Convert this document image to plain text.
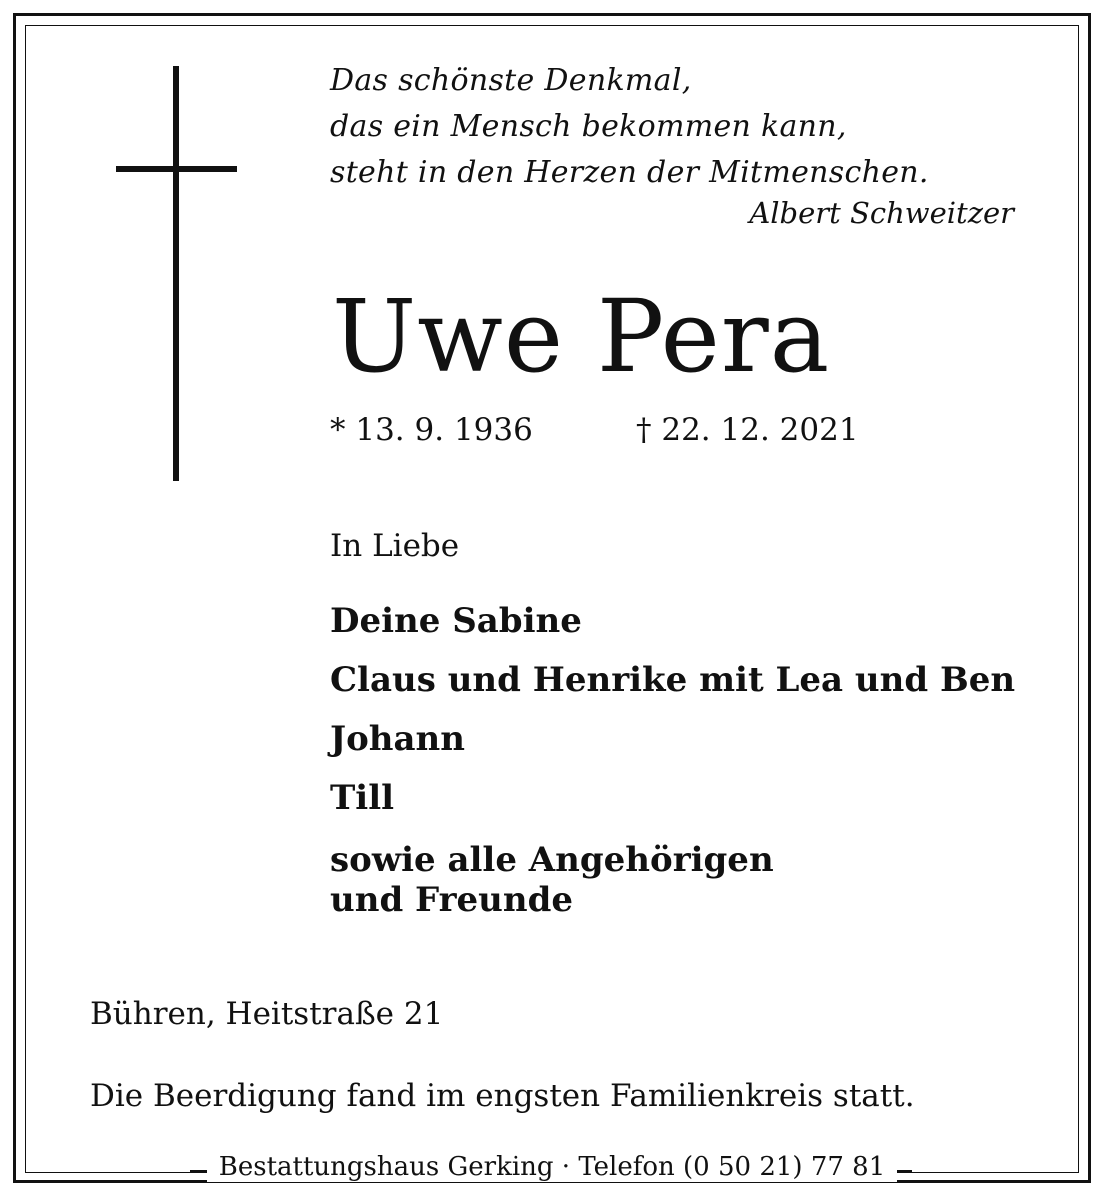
Das schönste Denkmal,
das ein Mensch bekommen kann,
steht in den Herzen der Mitmenschen.
Albert Schweitzer
Uwe Pera
* 13. 9. 1936	† 22. 12. 2021
In Liebe
Deine Sabine
Claus und Henrike mit Lea und Ben
Johann
Till
sowie alle Angehörigen
und Freunde
Bühren, Heitstraße 21
Die Beerdigung fand im engsten Familienkreis statt.
Bestattungshaus Gerking · Telefon (0 50 21) 77 81
